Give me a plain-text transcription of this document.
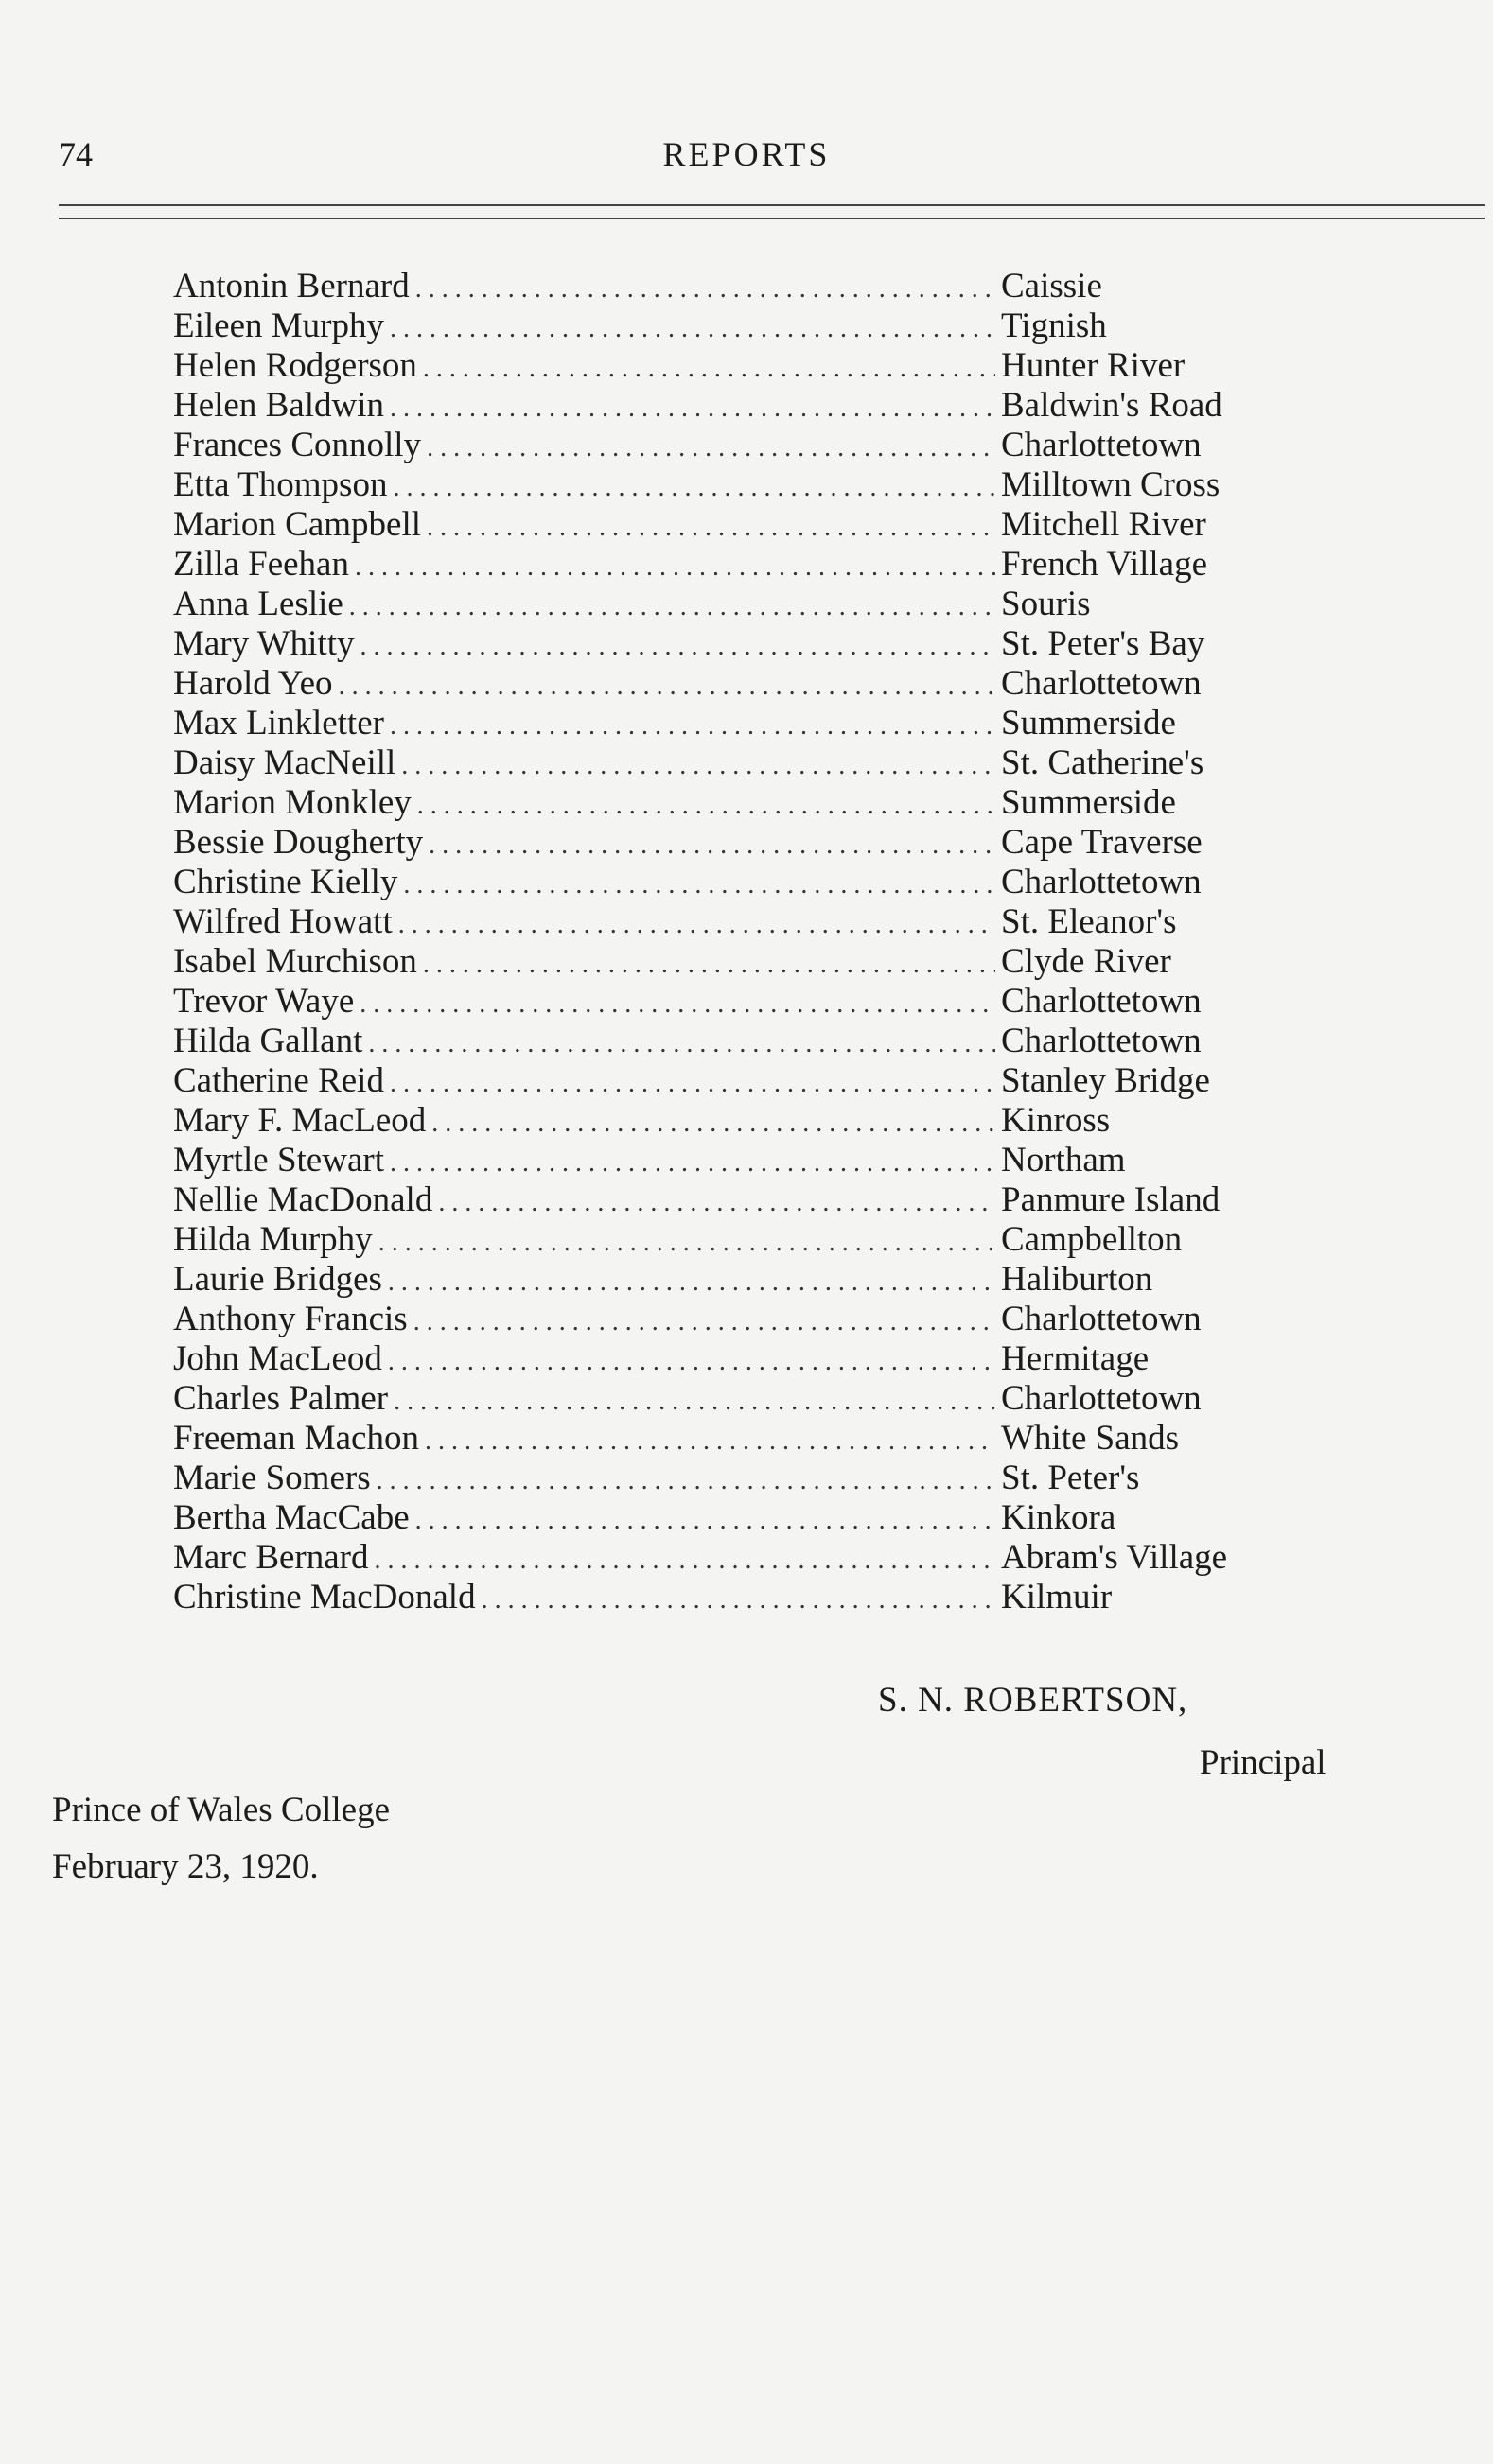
74	REPORTS
Antonin Bernard . . .	Caissie
Eileen Murphy . . .	Tignish
Helen Rodgerson . . .	Hunter River
Helen Baldwin . . .	Baldwin's Road
Frances Connolly . . .	Charlottetown
Etta Thompson . . .	Milltown Cross
Marion Campbell . . .	Mitchell River
Zilla Feehan . . .	French Village
Anna Leslie . . .	Souris
Mary Whitty . . .	St. Peter's Bay
Harold Yeo . . .	Charlottetown
Max Linkletter . . .	Summerside
Daisy MacNeill . . .	St. Catherine's
Marion Monkley . . .	Summerside
Bessie Dougherty . . .	Cape Traverse
Christine Kielly . . .	Charlottetown
Wilfred Howatt . . .	St. Eleanor's
Isabel Murchison . . .	Clyde River
Trevor Waye . . .	Charlottetown
Hilda Gallant . . .	Charlottetown
Catherine Reid . . .	Stanley Bridge
Mary F. MacLeod . . .	Kinross
Myrtle Stewart . . .	Northam
Nellie MacDonald . . .	Panmure Island
Hilda Murphy . . .	Campbellton
Laurie Bridges . . .	Haliburton
Anthony Francis . . .	Charlottetown
John MacLeod . . .	Hermitage
Charles Palmer . . .	Charlottetown
Freeman Machon . . .	White Sands
Marie Somers . . .	St. Peter's
Bertha MacCabe . . .	Kinkora
Marc Bernard . . .	Abram's Village
Christine MacDonald . . .	Kilmuir
S. N. ROBERTSON,
Principal
Prince of Wales College
February 23, 1920.
